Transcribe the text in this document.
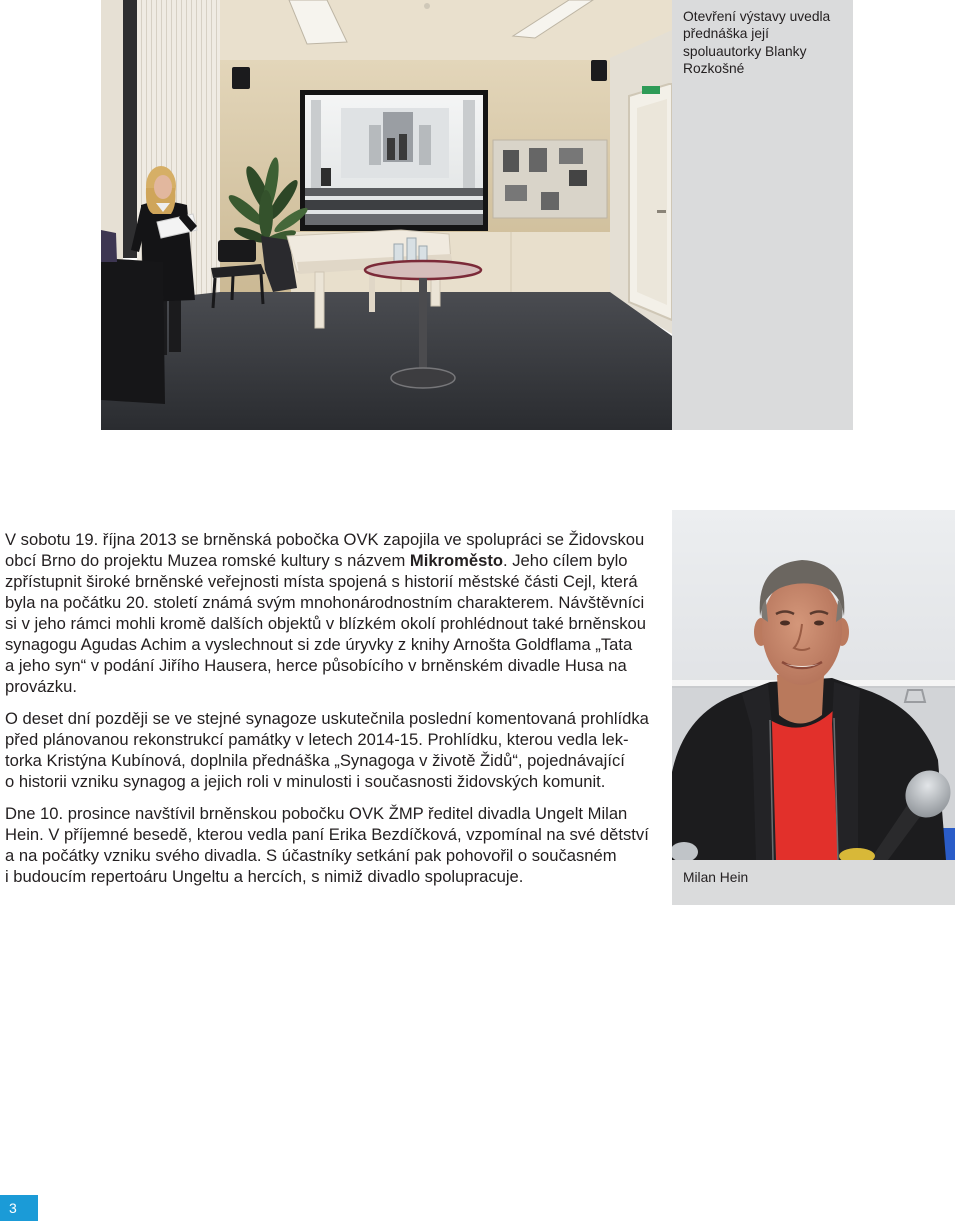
Otevření výstavy uvedla
přednáška její
spoluautorky Blanky
Rozkošné

V sobotu 19. října 2013 se brněnská pobočka OVK zapojila ve spolupráci se Židovskou
obcí Brno do projektu Muzea romské kultury s názvem Mikroměsto. Jeho cílem bylo
zpřístupnit široké brněnské veřejnosti místa spojená s historií městské části Cejl, která
byla na počátku 20. století známá svým mnohonárodnostním charakterem. Návštěvníci
si v jeho rámci mohli kromě dalších objektů v blízkém okolí prohlédnout také brněnskou
synagogu Agudas Achim a vyslechnout si zde úryvky z knihy Arnošta Goldflama „Tata
a jeho syn“ v podání Jiřího Hausera, herce působícího v brněnském divadle Husa na
provázku.

O deset dní později se ve stejné synagoze uskutečnila poslední komentovaná prohlídka
před plánovanou rekonstrukcí památky v letech 2014-15. Prohlídku, kterou vedla lek-
torka Kristýna Kubínová, doplnila přednáška „Synagoga v životě Židů“, pojednávající
o historii vzniku synagog a jejich roli v minulosti i současnosti židovských komunit.

Dne 10. prosince navštívil brněnskou pobočku OVK ŽMP ředitel divadla Ungelt Milan
Hein. V příjemné besedě, kterou vedla paní Erika Bezdíčková, vzpomínal na své dětství
a na počátky vzniku svého divadla. S účastníky setkání pak pohovořil o současném
i budoucím repertoáru Ungeltu a hercích, s nimiž divadlo spolupracuje.	Milan Hein
3
